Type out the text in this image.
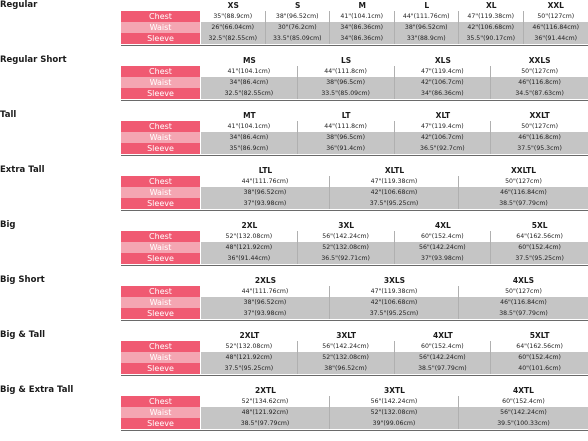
Regular	XS	S	M	L	XL	XXL
Chest	35"(88.9cm)	38"(96.52cm)	41"(104.1cm)	44"(111.76cm)	47"(119.38cm)	50"(127cm)
Waist	26"(66.04cm)	30"(76.2cm)	34"(86.36cm)	38"(96.52cm)	42"(106.68cm)	46"(116.84cm)
Sleeve	32.5"(82.55cm)	33.5"(85.09cm)	34"(86.36cm)	33"(88.9cm)	35.5"(90.17cm)	36"(91.44cm)
Regular Short	MS	LS	XLS	XXLS
Chest	41"(104.1cm)	44"(111.8cm)	47"(119.4cm)	50"(127cm)
Waist	34"(86.4cm)	38"(96.5cm)	42"(106.7cm)	46"(116.8cm)
Sleeve	32.5"(82.55cm)	33.5"(85.09cm)	34"(86.36cm)	34.5"(87.63cm)
Tall	MT	LT	XLT	XXLT
Chest	41"(104.1cm)	44"(111.8cm)	47"(119.4cm)	50"(127cm)
Waist	34"(86.4cm)	38"(96.5cm)	42"(106.7cm)	46"(116.8cm)
Sleeve	35"(86.9cm)	36"(91.4cm)	36.5"(92.7cm)	37.5"(95.3cm)
Extra Tall	LTL	XLTL	XXLTL
Chest	44"(111.76cm)	47"(119.38cm)	50"(127cm)
Waist	38"(96.52cm)	42"(106.68cm)	46"(116.84cm)
Sleeve	37"(93.98cm)	37.5"(95.25cm)	38.5"(97.79cm)
Big	2XL	3XL	4XL	5XL
Chest	52"(132.08cm)	56"(142.24cm)	60"(152.4cm)	64"(162.56cm)
Waist	48"(121.92cm)	52"(132.08cm)	56"(142.24cm)	60"(152.4cm)
Sleeve	36"(91.44cm)	36.5"(92.71cm)	37"(93.98cm)	37.5"(95.25cm)
Big Short	2XLS	3XLS	4XLS
Chest	44"(111.76cm)	47"(119.38cm)	50"(127cm)
Waist	38"(96.52cm)	42"(106.68cm)	46"(116.84cm)
Sleeve	37"(93.98cm)	37.5"(95.25cm)	38.5"(97.79cm)
Big & Tall	2XLT	3XLT	4XLT	5XLT
Chest	52"(132.08cm)	56"(142.24cm)	60"(152.4cm)	64"(162.56cm)
Waist	48"(121.92cm)	52"(132.08cm)	56"(142.24cm)	60"(152.4cm)
Sleeve	37.5"(95.25cm)	38"(96.52cm)	38.5"(97.79cm)	40"(101.6cm)
Big & Extra Tall	2XTL	3XTL	4XTL
Chest	52"(134.62cm)	56"(142.24cm)	60"(152.4cm)
Waist	48"(121.92cm)	52"(132.08cm)	56"(142.24cm)
Sleeve	38.5"(97.79cm)	39"(99.06cm)	39.5"(100.33cm)
